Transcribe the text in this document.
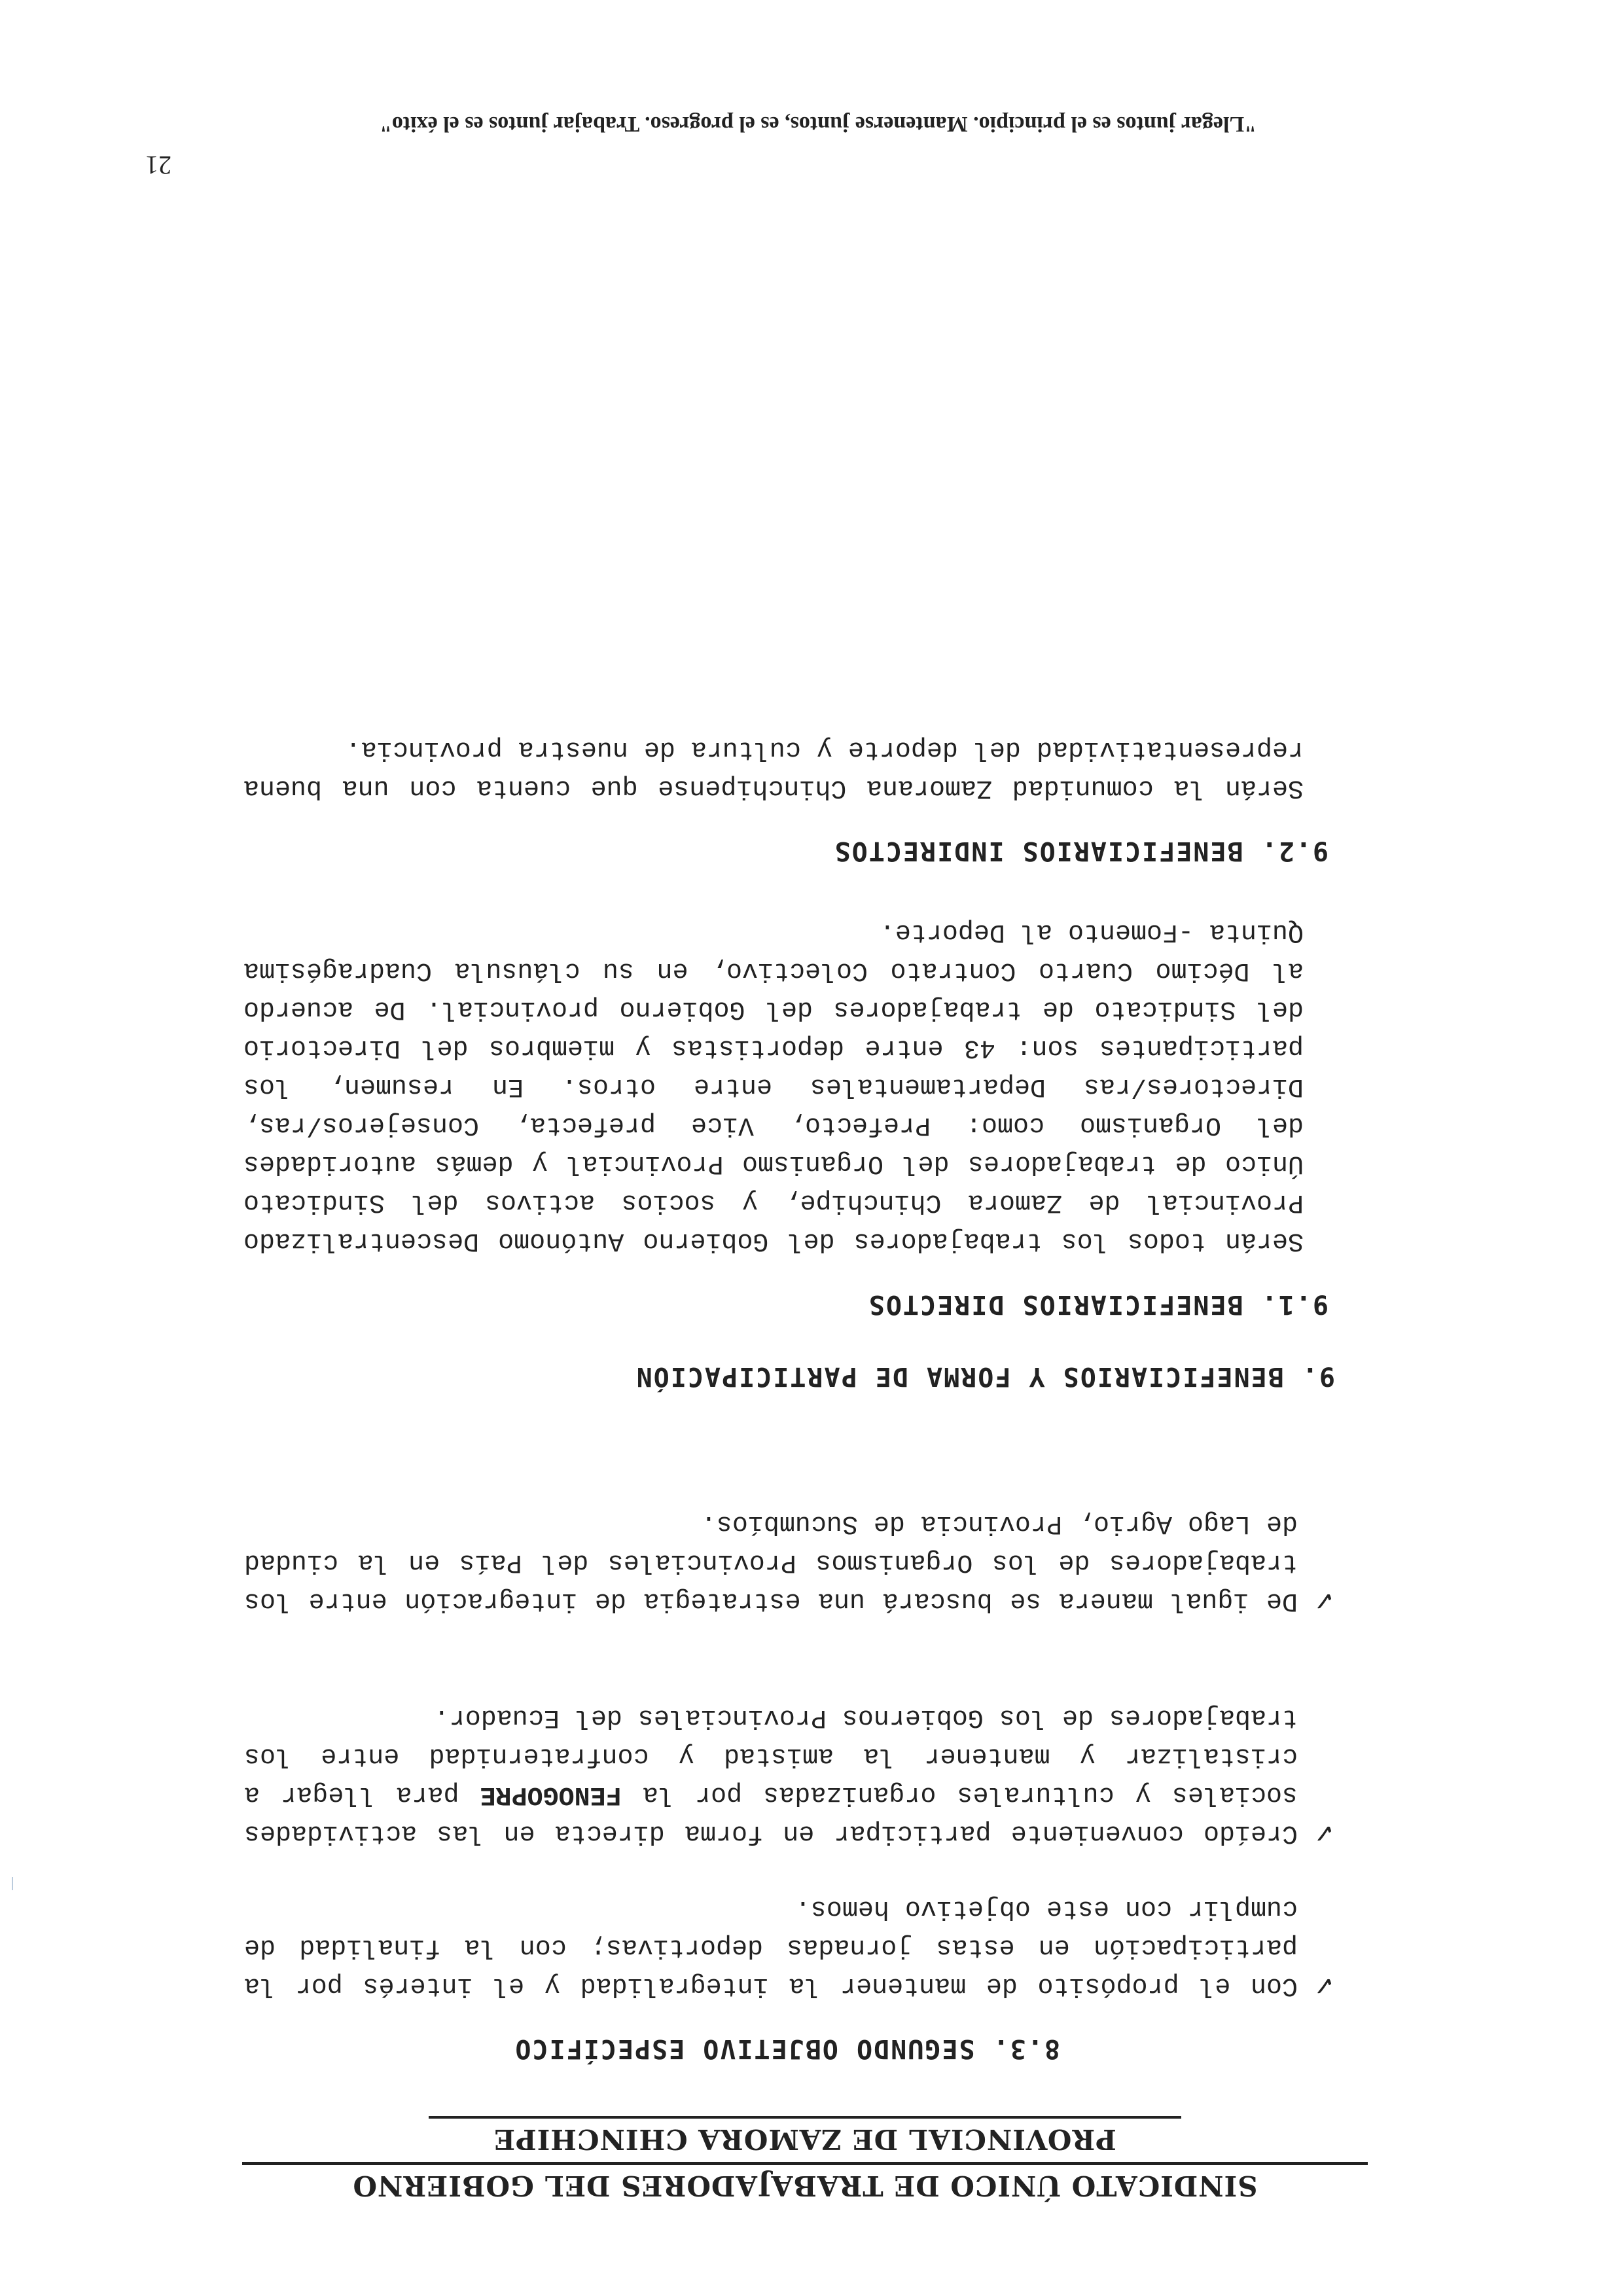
SINDICATO ÚNICO DE TRABAJADORES DEL GOBIERNO
PROVINCIAL DE ZAMORA CHINCHIPE
8.3. SEGUNDO OBJETIVO ESPECÍFICO
✓
Con el propósito de mantener la integralidad y el interés por la participación en estas jornadas deportivas; con la finalidad de cumplir con este objetivo hemos.
✓
Creído conveniente participar en forma directa en las actividades sociales y culturales organizadas por la FENOGOPRE para llegar a cristalizar y mantener la amistad y confraternidad entre los trabajadores de los Gobiernos Provinciales del Ecuador.
✓
De igual manera se buscará una estrategia de integración entre los trabajadores de los Organismos Provinciales del País en la ciudad de Lago Agrio, Provincia de Sucumbíos.
9. BENEFICIARIOS Y FORMA DE PARTICIPACIÓN
9.1. BENEFICIARIOS DIRECTOS
Serán todos los trabajadores del Gobierno Autónomo Descentralizado Provincial de Zamora Chinchipe, y socios activos del Sindicato Único de trabajadores del Organismo Provincial y demás autoridades del Organismo como: Prefecto, Vice prefecta, Consejeros/ras, Directores/ras Departamentales entre otros. En resumen, los participantes son: 43 entre deportistas y miembros del Directorio del Sindicato de trabajadores del Gobierno provincial. De acuerdo al Décimo Cuarto Contrato Colectivo, en su cláusula Cuadragésima Quinta -Fomento al Deporte.
9.2. BENEFICIARIOS INDIRECTOS
Serán la comunidad Zamorana Chinchipense que cuenta con una buena representatividad del deporte y cultura de nuestra provincia.
21
"Llegar juntos es el principio. Mantenerse juntos, es el progreso. Trabajar juntos es el éxito"
